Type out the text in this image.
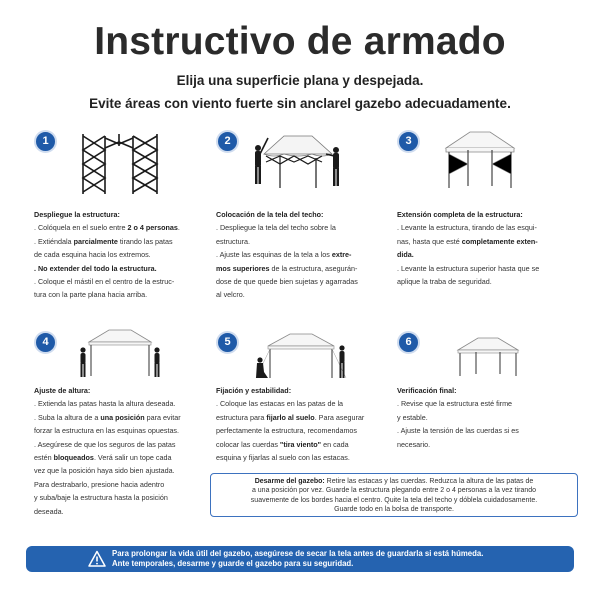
Instructivo de armado
Elija una superficie plana y despejada.
Evite áreas con viento fuerte sin anclarel gazebo adecuadamente.
1	2	3
4	5	6

Despliegue la estructura:

. Colóquela en el suelo entre 2 o 4 personas.

. Extiéndala parcialmente tirando las patas

de cada esquina hacia los extremos.

. No extender del todo la estructura.

. Coloque el mástil en el centro de la estruc-

tura con la parte plana hacia arriba.

Colocación de la tela del techo:

. Despliegue la tela del techo sobre la

estructura.

. Ajuste las esquinas de la tela a los extre-

mos superiores de la estructura, asegurán-

dose de que quede bien sujetas y agarradas

al velcro.

Extensión completa de la estructura:

. Levante la estructura, tirando de las esqui-

nas, hasta que esté completamente exten-

dida.

. Levante la estructura superior hasta que se

aplique la traba de seguridad.

Ajuste de altura:

. Extienda las patas hasta la altura deseada.

. Suba la altura de a una posición para evitar

forzar la estructura en las esquinas opuestas.

. Asegúrese de que los seguros de las patas

estén bloqueados. Verá salir un tope cada

vez que la posición haya sido bien ajustada.

Para destrabarlo, presione hacia adentro

y suba/baje la estructura hasta la posición

deseada.

Fijación y estabilidad:

. Coloque las estacas en las patas de la

estructura para fijarlo al suelo. Para asegurar

perfectamente la estructura, recomendamos

colocar las cuerdas "tira viento" en cada

esquina y fijarlas al suelo con las estacas.

Verificación final:

. Revise que la estructura esté firme

y estable.

. Ajuste la tensión de las cuerdas si es

necesario.

Desarme del gazebo: Retire las estacas y las cuerdas. Reduzca la altura de las patas de
a una posición por vez. Guarde la estructura plegando entre 2 o 4 personas a la vez tirando
suavemente de los bordes hacia el centro. Quite la tela del techo y dóblela cuidadosamente.
Guarde todo en la bolsa de transporte.
Para prolongar la vida útil del gazebo, asegúrese de secar la tela antes de guardarla si está húmeda.
Ante temporales, desarme y guarde el gazebo para su seguridad.
